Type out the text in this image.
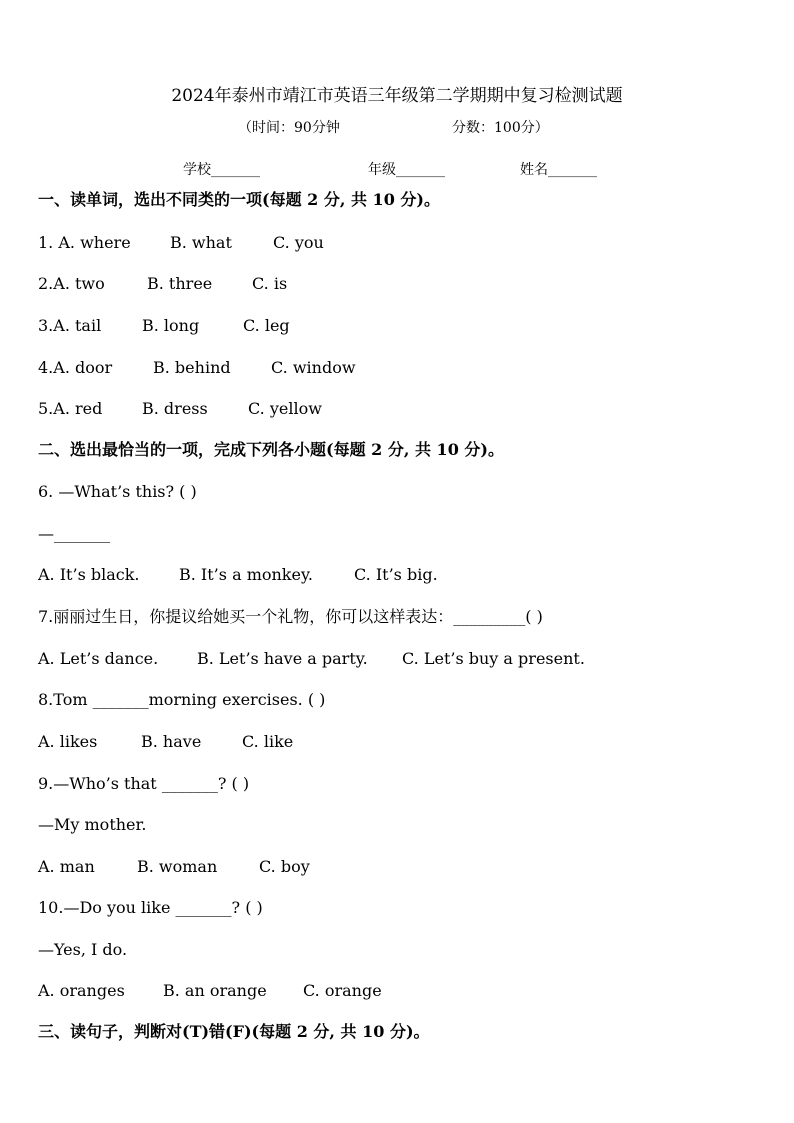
2024年泰州市靖江市英语三年级第二学期期中复习检测试题
（时间：90分钟	分数：100分）
学校_______	年级_______	姓名_______
一、读单词，选出不同类的一项(每题 2 分, 共 10 分)。
1. A. where B. what	C. you
2.A. two	B. three C. is
3.A. tail	B. long	C. leg
4.A. door	B. behind	C. window
5.A. red B. dress	C. yellow
二、选出最恰当的一项，完成下列各小题(每题 2 分, 共 10 分)。
6. —What’s this? ( )
—_______
A. It’s black. B. It’s a monkey.	C. It’s big.
7.丽丽过生日，你提议给她买一个礼物，你可以这样表达：_________( )
A. Let’s dance. B. Let’s have a party. C. Let’s buy a present.
8.Tom _______morning exercises. ( )
A. likes	B. have	C. like
9.—Who’s that _______? ( )
—My mother.
A. man	B. woman	C. boy
10.—Do you like _______? ( )
—Yes, I do.
A. oranges B. an orange C. orange
三、读句子，判断对(T)错(F)(每题 2 分, 共 10 分)。
